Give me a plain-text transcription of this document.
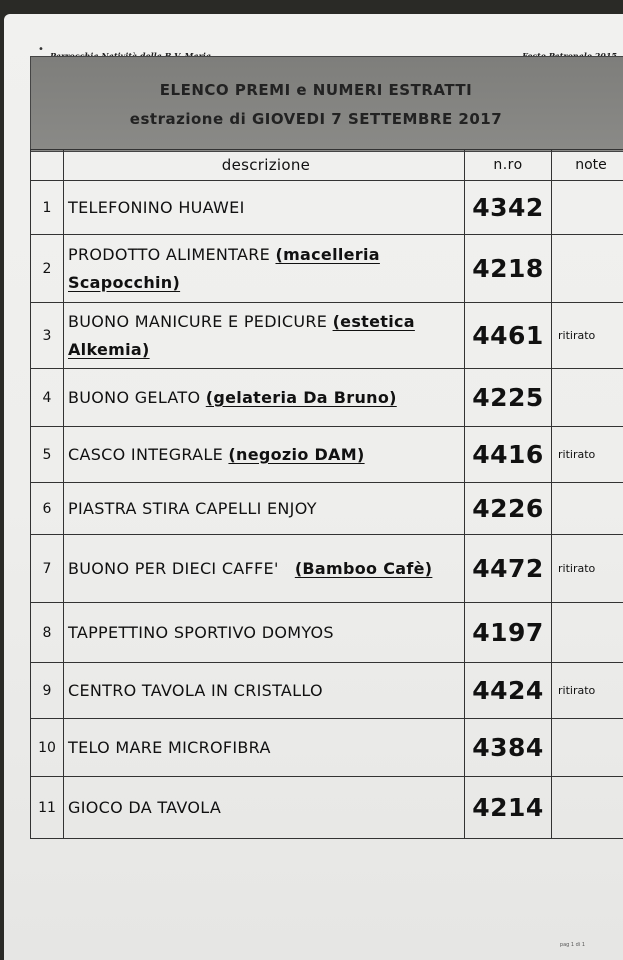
•
ELENCO PREMI e NUMERI ESTRATTI
estrazione di GIOVEDI 7 SETTEMBRE 2017
	descrizione	n.ro	note
1	TELEFONINO HUAWEI	4342	
2	PRODOTTO ALIMENTARE (macelleria Scapocchin)	4218	
3	BUONO MANICURE E PEDICURE (estetica Alkemia)	4461	ritirato
4	BUONO GELATO (gelateria Da Bruno)	4225	
5	CASCO INTEGRALE (negozio DAM)	4416	ritirato
6	PIASTRA STIRA CAPELLI ENJOY	4226	
7	BUONO PER DIECI CAFFE'   (Bamboo Cafè)	4472	ritirato
8	TAPPETTINO SPORTIVO DOMYOS	4197	
9	CENTRO TAVOLA IN CRISTALLO	4424	ritirato
10	TELO MARE MICROFIBRA	4384	
11	GIOCO DA TAVOLA	4214	
pag 1 di 1
